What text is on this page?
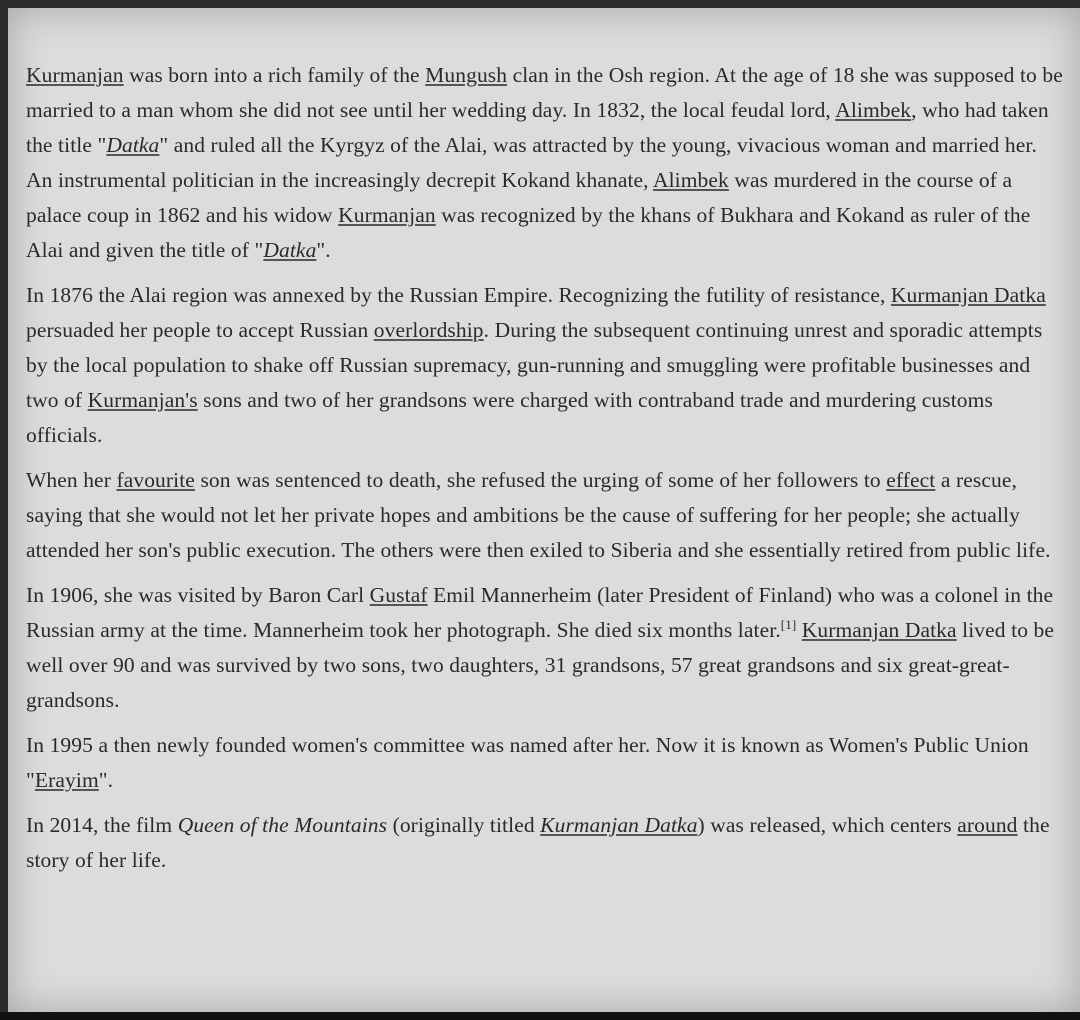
Kurmanjan was born into a rich family of the Mungush clan in the Osh region. At the age of 18 she was supposed to be married to a man whom she did not see until her wedding day. In 1832, the local feudal lord, Alimbek, who had taken the title "Datka" and ruled all the Kyrgyz of the Alai, was attracted by the young, vivacious woman and married her. An instrumental politician in the increasingly decrepit Kokand khanate, Alimbek was murdered in the course of a palace coup in 1862 and his widow Kurmanjan was recognized by the khans of Bukhara and Kokand as ruler of the Alai and given the title of "Datka".

In 1876 the Alai region was annexed by the Russian Empire. Recognizing the futility of resistance, Kurmanjan Datka persuaded her people to accept Russian overlordship. During the subsequent continuing unrest and sporadic attempts by the local population to shake off Russian supremacy, gun-running and smuggling were profitable businesses and two of Kurmanjan's sons and two of her grandsons were charged with contraband trade and murdering customs officials.

When her favourite son was sentenced to death, she refused the urging of some of her followers to effect a rescue, saying that she would not let her private hopes and ambitions be the cause of suffering for her people; she actually attended her son's public execution. The others were then exiled to Siberia and she essentially retired from public life.

In 1906, she was visited by Baron Carl Gustaf Emil Mannerheim (later President of Finland) who was a colonel in the Russian army at the time. Mannerheim took her photograph. She died six months later.[1] Kurmanjan Datka lived to be well over 90 and was survived by two sons, two daughters, 31 grandsons, 57 great grandsons and six great-great-grandsons.

In 1995 a then newly founded women's committee was named after her. Now it is known as Women's Public Union "Erayim".

In 2014, the film Queen of the Mountains (originally titled Kurmanjan Datka) was released, which centers around the story of her life.
